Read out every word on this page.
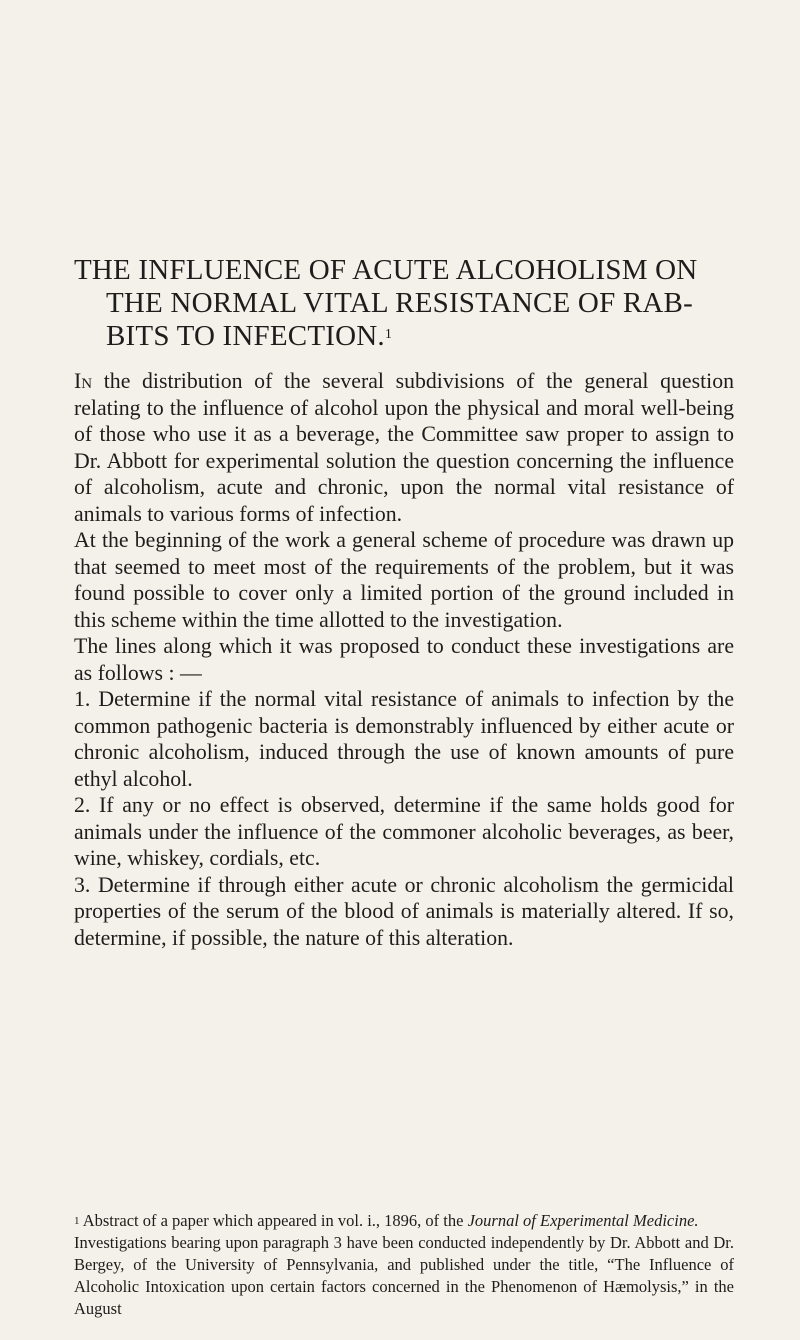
THE INFLUENCE OF ACUTE ALCOHOLISM ON
THE NORMAL VITAL RESISTANCE OF RAB-
BITS TO INFECTION.$^1$

In the distribution of the several subdivisions of the general question relating to the influence of alcohol upon the physical and moral well-being of those who use it as a beverage, the Committee saw proper to assign to Dr. Abbott for experimental solution the question concerning the influence of alcoholism, acute and chronic, upon the normal vital resistance of animals to various forms of infection.

At the beginning of the work a general scheme of procedure was drawn up that seemed to meet most of the requirements of the problem, but it was found possible to cover only a limited portion of the ground included in this scheme within the time allotted to the investigation.

The lines along which it was proposed to conduct these investigations are as follows : —

1. Determine if the normal vital resistance of animals to infection by the common pathogenic bacteria is demonstrably influenced by either acute or chronic alcoholism, induced through the use of known amounts of pure ethyl alcohol.

2. If any or no effect is observed, determine if the same holds good for animals under the influence of the commoner alcoholic beverages, as beer, wine, whiskey, cordials, etc.

3. Determine if through either acute or chronic alcoholism the germicidal properties of the serum of the blood of animals is materially altered. If so, determine, if possible, the nature of this alteration.

$^1$ Abstract of a paper which appeared in vol. i., 1896, of the Journal of Experimental Medicine.

Investigations bearing upon paragraph 3 have been conducted independently by Dr. Abbott and Dr. Bergey, of the University of Pennsylvania, and published under the title, “The Influence of Alcoholic Intoxication upon certain factors concerned in the Phenomenon of Hæmolysis,” in the August
